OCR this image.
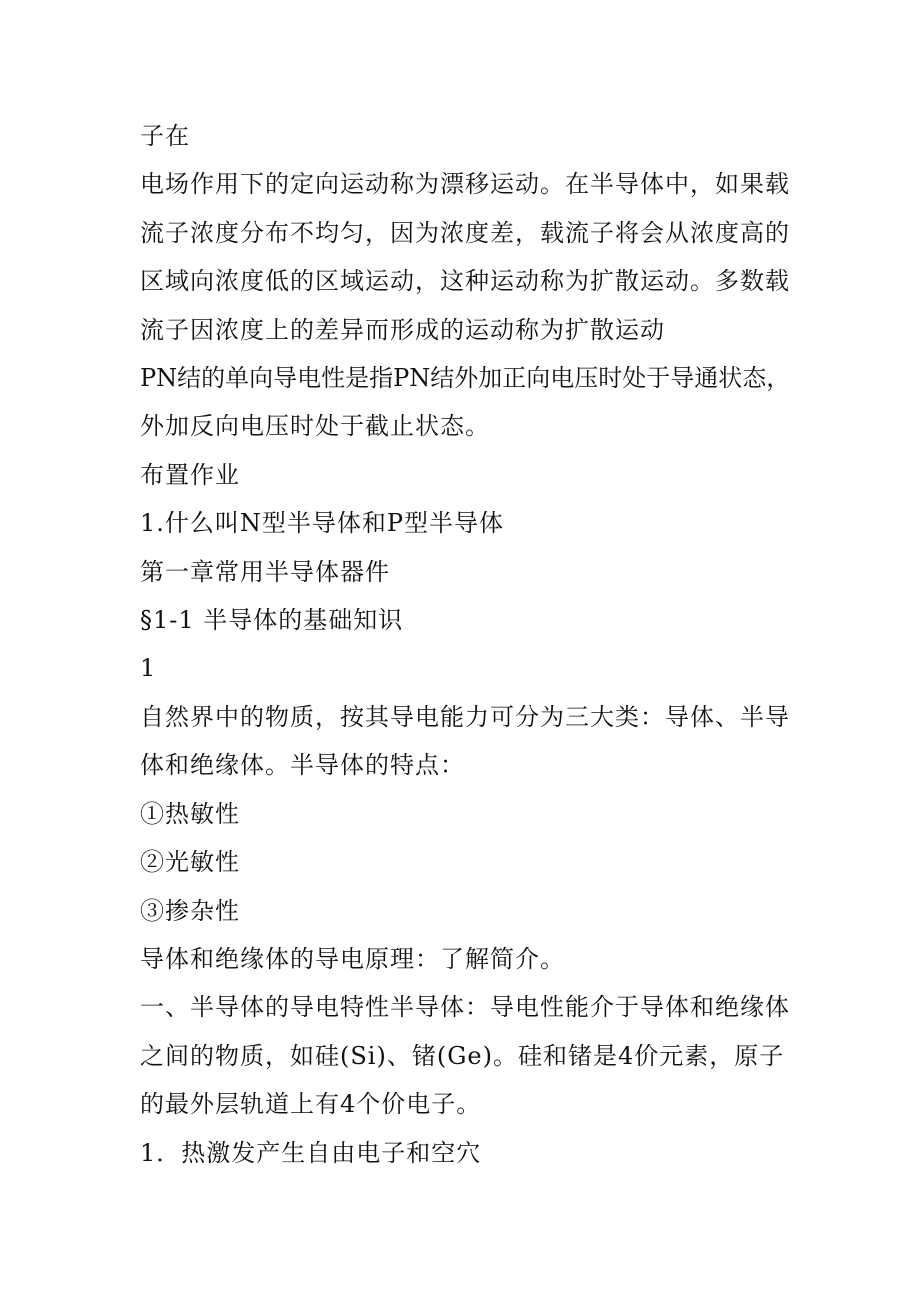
子在
电场作用下的定向运动称为漂移运动。在半导体中，如果载
流子浓度分布不均匀，因为浓度差，载流子将会从浓度高的
区域向浓度低的区域运动，这种运动称为扩散运动。多数载
流子因浓度上的差异而形成的运动称为扩散运动
PN结的单向导电性是指PN结外加正向电压时处于导通状态，
外加反向电压时处于截止状态。
布置作业
1.什么叫N型半导体和P型半导体
第一章常用半导体器件
§1-1 半导体的基础知识
1
自然界中的物质，按其导电能力可分为三大类：导体、半导
体和绝缘体。半导体的特点：
①热敏性
②光敏性
③掺杂性
导体和绝缘体的导电原理：了解简介。
一、半导体的导电特性半导体：导电性能介于导体和绝缘体
之间的物质，如硅(Si)、锗(Ge)。硅和锗是4价元素，原子
的最外层轨道上有4个价电子。
1．热激发产生自由电子和空穴
